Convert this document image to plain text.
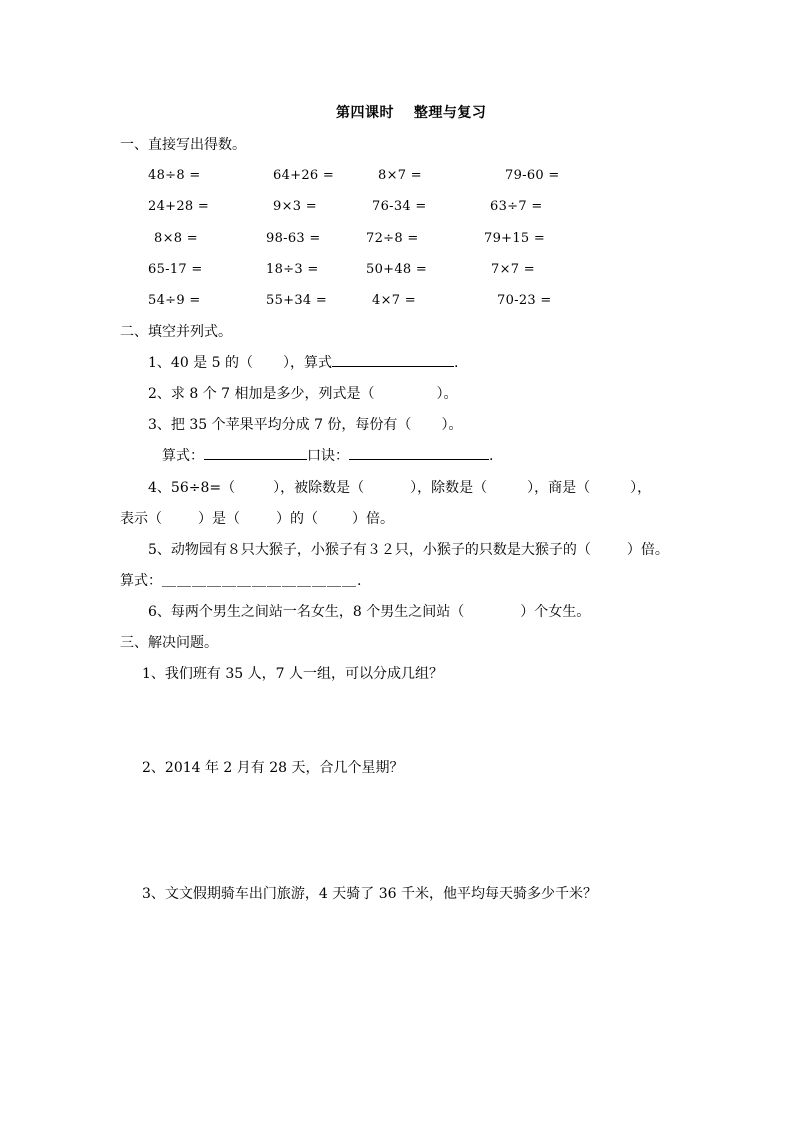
第四课时　 整理与复习
一、直接写出得数。
48÷8 =	64+26 =	8×7 =	79-60 =
24+28 =	9×3 =	76-34 =	63÷7 =
8×8 =	98-63 =	72÷8 =	79+15 =
65-17 =	18÷3 =	50+48 =	7×7 =
54÷9 =	55+34 =	4×7 =	70-23 =
二、填空并列式。
1、40 是 5 的（ ），算式	.
2、求 8 个 7 相加是多少，列式是（	）。
3、把 35 个苹果平均分成 7 份，每份有（ ）。
算式：	口诀：	.
4、56÷8=（	），被除数是（	），除数是（	），商是（	），
表示（	）是（	）的（ ）倍。
5、动物园有８只大猴子，小猴子有３２只，小猴子的只数是大猴子的（	）倍。
算式：＿＿＿＿＿＿＿＿＿＿＿＿＿.
6、每两个男生之间站一名女生，8 个男生之间站（	）个女生。
三、解决问题。
1、我们班有 35 人，7 人一组，可以分成几组？
2、2014 年 2 月有 28 天，合几个星期？
3、文文假期骑车出门旅游，4 天骑了 36 千米，他平均每天骑多少千米？
